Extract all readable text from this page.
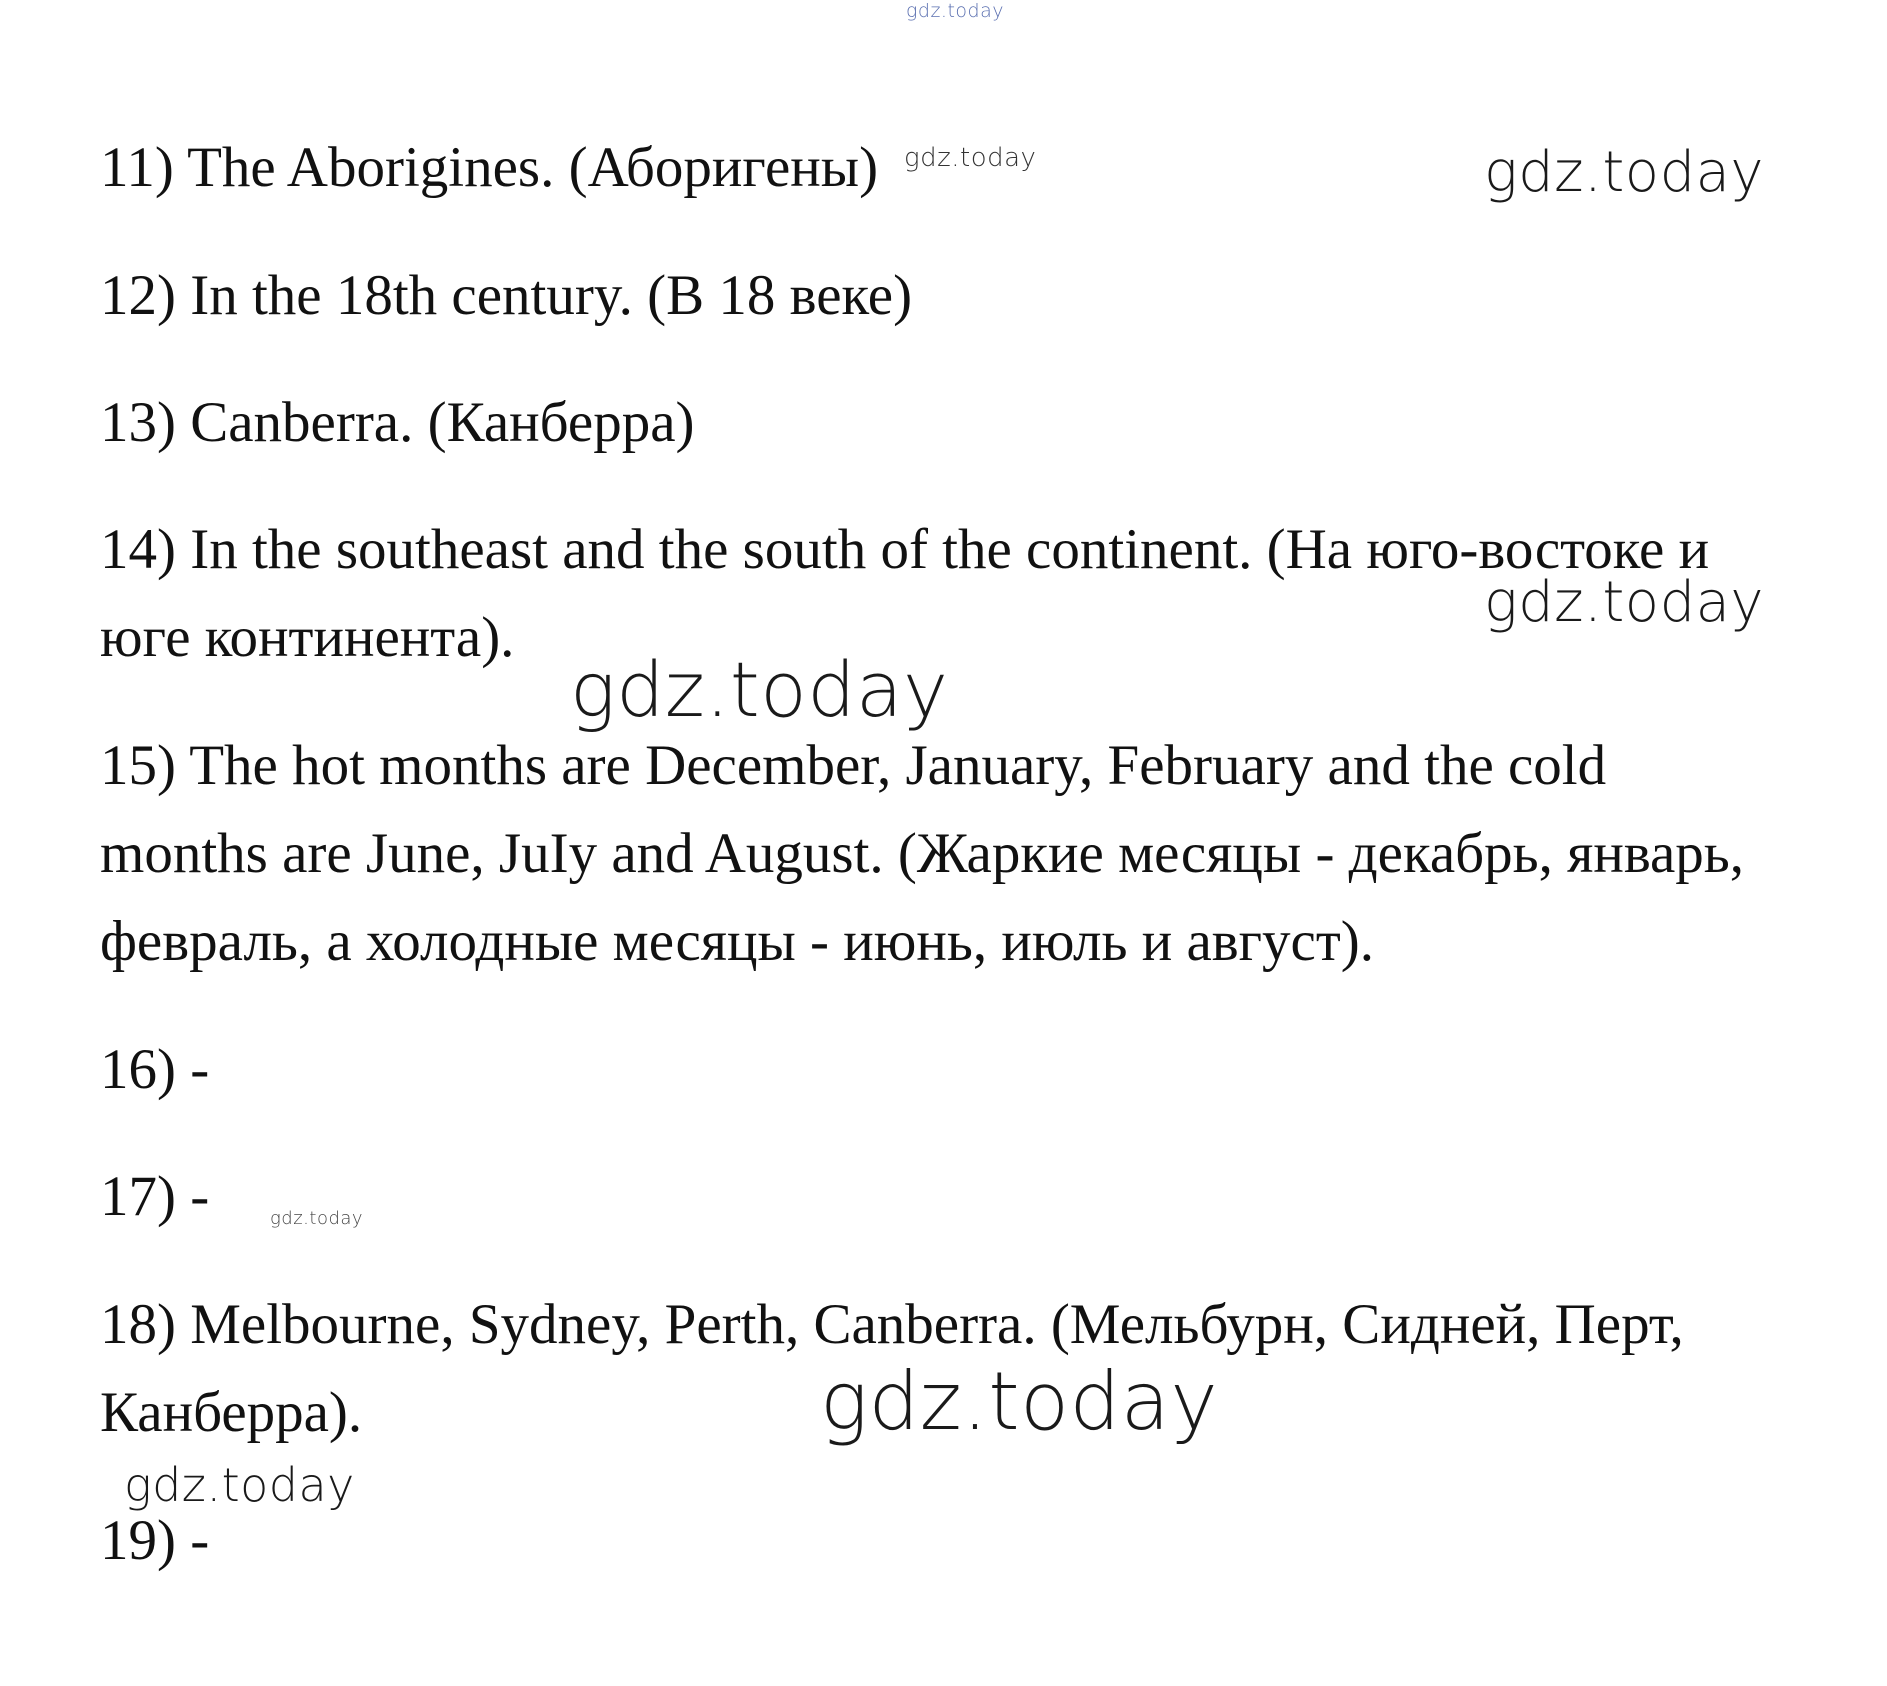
gdz.today

11) The Aborigines. (Аборигены) gdz.today	gdz.today

12) In the 18th century. (В 18 веке)

13) Canberra. (Канберра)

14) In the southeast and the south of the continent. (На юго-востоке и

юге континента).

gdz.today
gdz.today

15) The hot months are December, January, February and the cold

months are June, JuIy and August. (Жаркие месяцы - декабрь, январь,

февраль, а холодные месяцы - июнь, июль и август).

16) -

17) -	gdz.today

18) Melbourne, Sydney, Perth, Canberra. (Мельбурн, Сидней, Перт,

Канберра).	gdz.today
gdz.today

19) -
